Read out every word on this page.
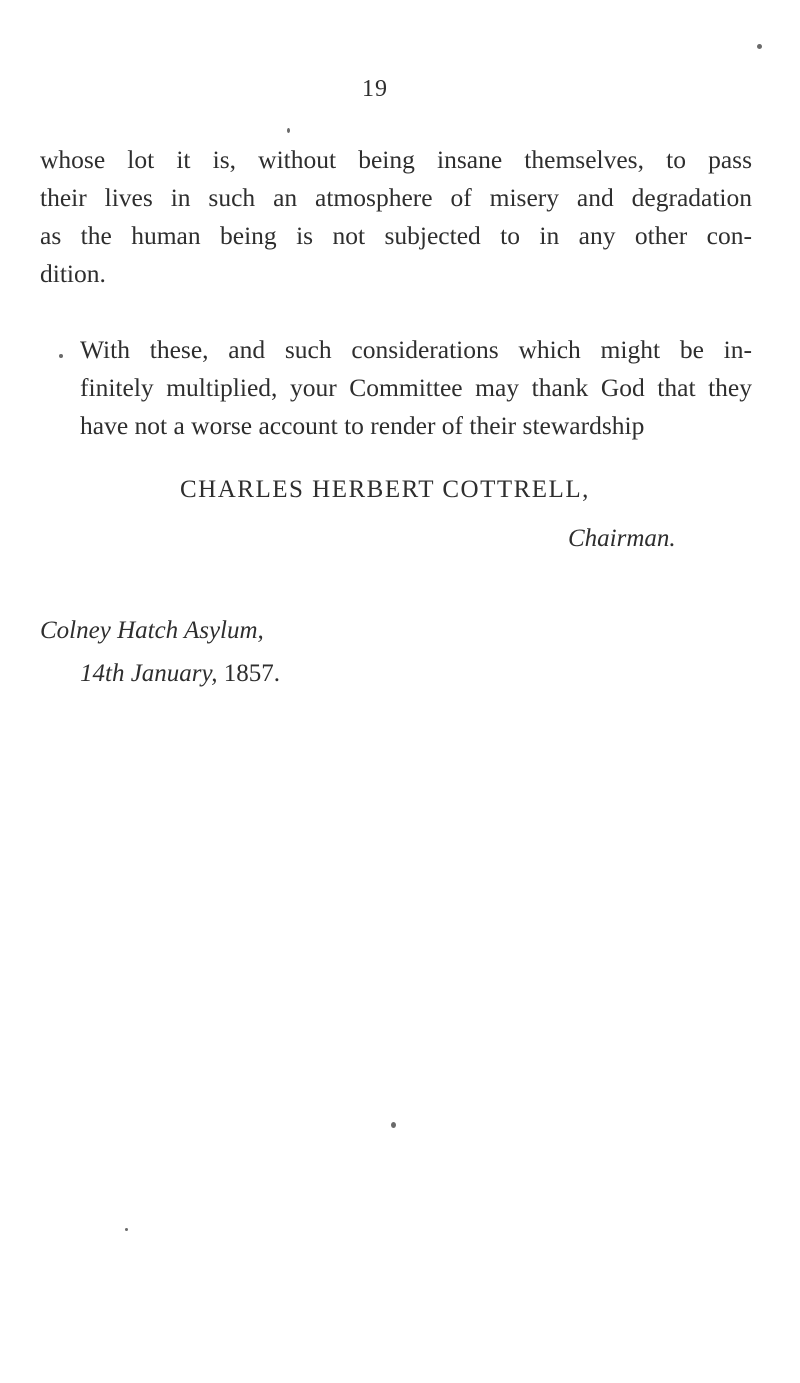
19
whose lot it is, without being insane themselves, to pass
their lives in such an atmosphere of misery and degradation
as the human being is not subjected to in any other con-
dition.
With these, and such considerations which might be in-
finitely multiplied, your Committee may thank God that they
have not a worse account to render of their stewardship
CHARLES HERBERT COTTRELL,
Chairman.
Colney Hatch Asylum,
14th January, 1857.
